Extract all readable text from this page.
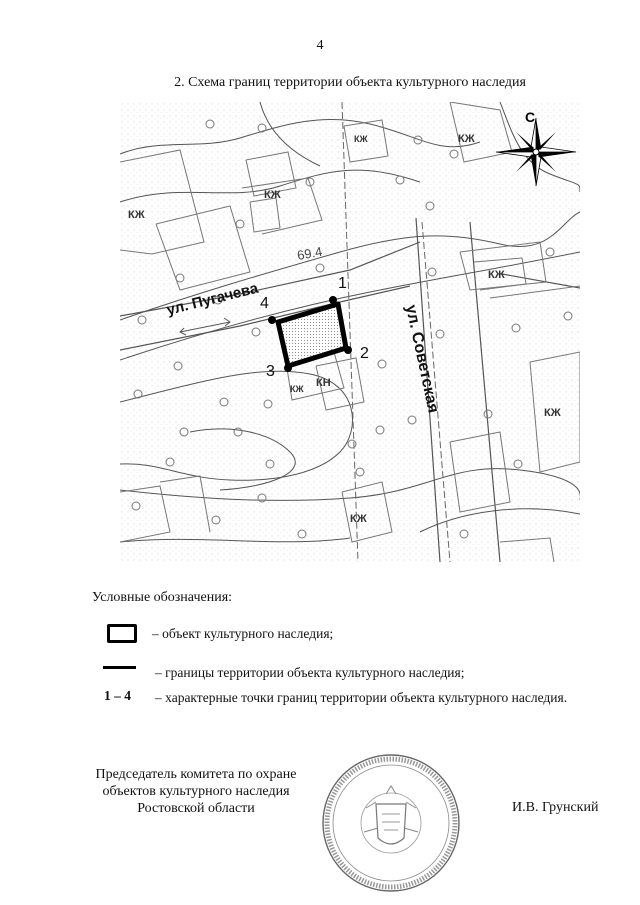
4
2. Схема границ территории объекта культурного наследия
КЖ
КЖ
КЖ
КЖ
КЖ
КН
КЖ
КЖ
КЖ
69.4
ул. Пугачева
ул. Советская
1
2
3
4
С
Условные обозначения:
– объект культурного наследия;
– границы территории объекта культурного наследия;
1 – 4 – характерные точки границ территории объекта культурного наследия.
Председатель комитета по охране объектов культурного наследия Ростовской области	И.В. Грунский
